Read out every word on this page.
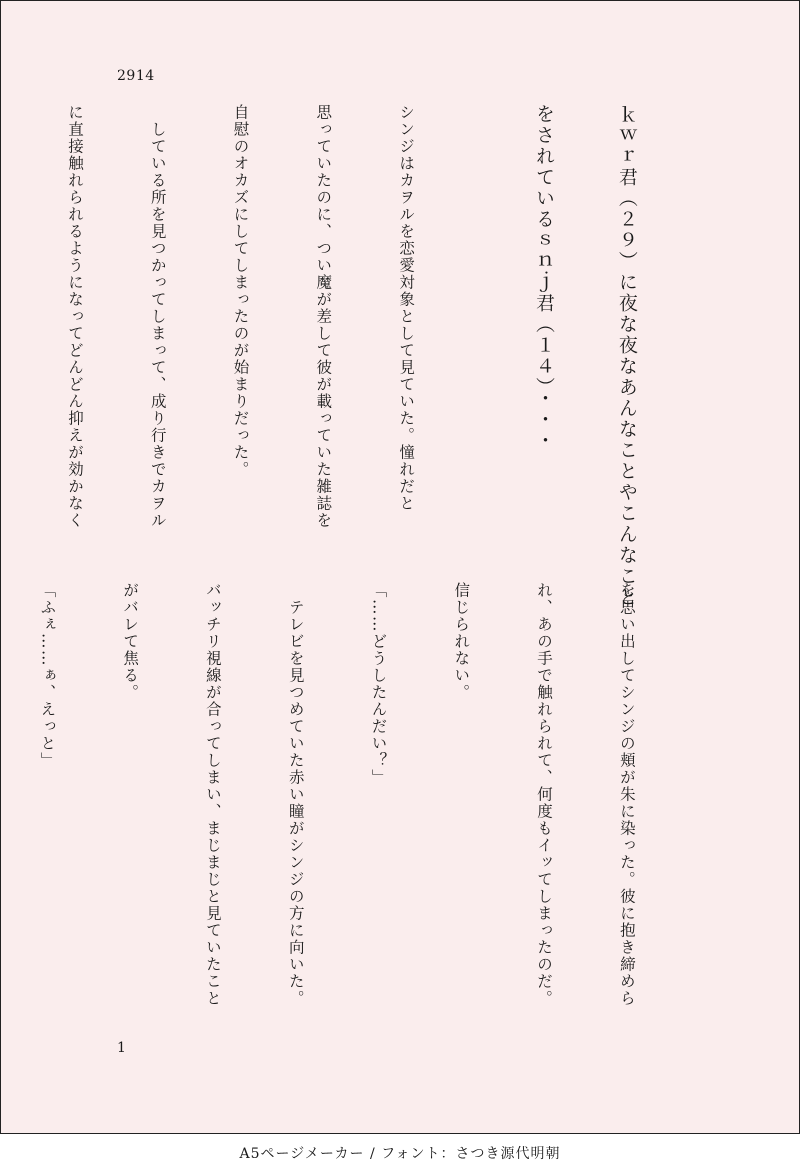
2914

ｋｗｒ君（２９）に夜な夜なあんなことやこんなこと

をされているｓｎｊ君（１４）・・・

シンジはカヲルを恋愛対象として見ていた。憧れだと

思っていたのに、つい魔が差して彼が載っていた雑誌を

自慰のオカズにしてしまったのが始まりだった。

　している所を見つかってしまって、成り行きでカヲル

に直接触れられるようになってどんどん抑えが効かなく

を思い出してシンジの頬が朱に染った。彼に抱き締めら

れ、あの手で触れられて、何度もイッてしまったのだ。

信じられない。

「……どうしたんだい？」

　テレビを見つめていた赤い瞳がシンジの方に向いた。

バッチリ視線が合ってしまい、まじまじと見ていたこと

がバレて焦る。

「ふぇ……ぁ、えっと」

1
A5ページメーカー / フォント：さつき源代明朝
